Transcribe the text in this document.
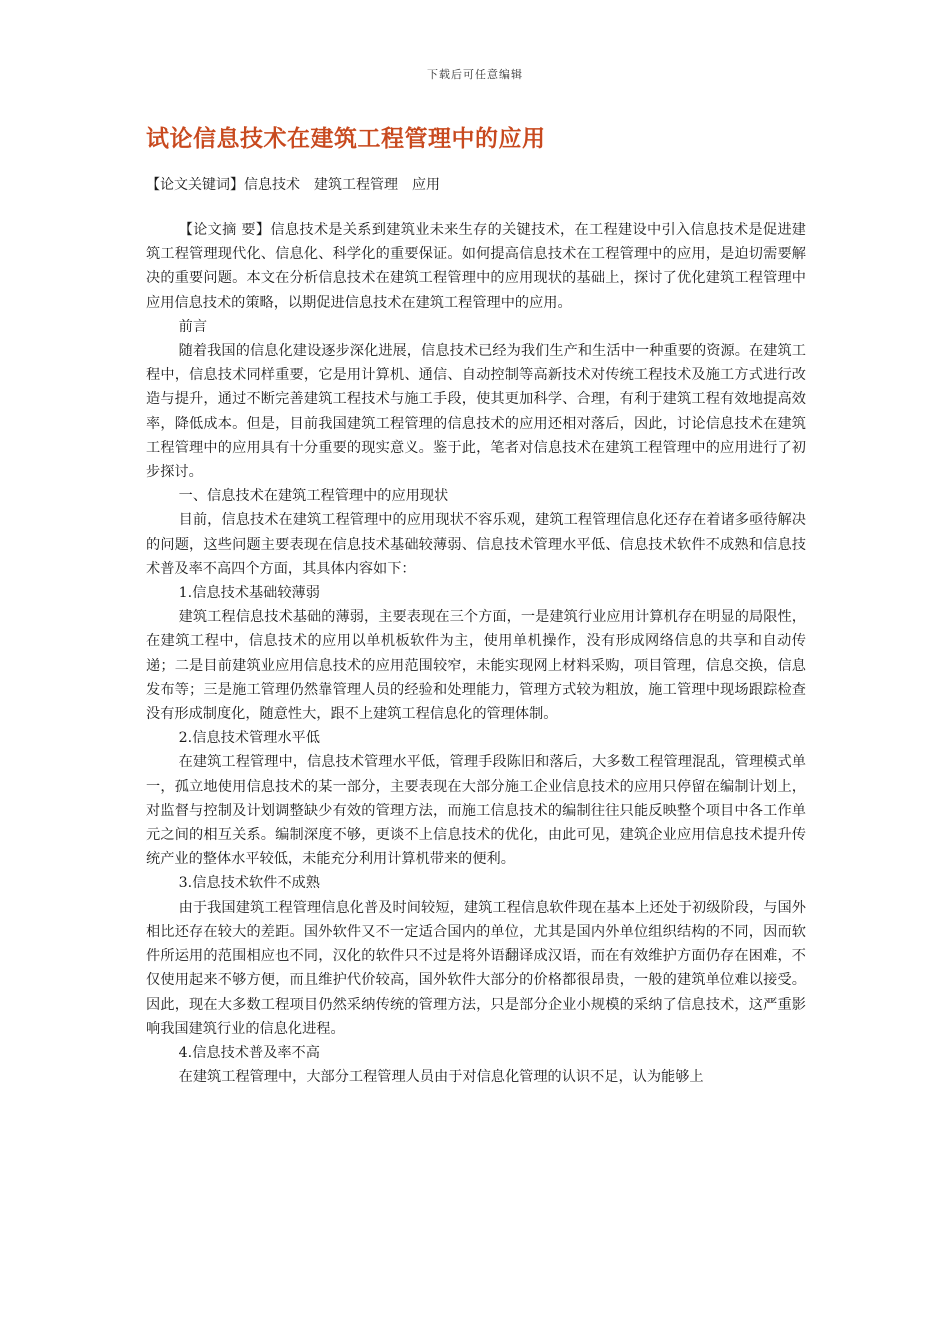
下载后可任意编辑
试论信息技术在建筑工程管理中的应用
【论文关键词】信息技术　建筑工程管理　应用

【论文摘 要】信息技术是关系到建筑业未来生存的关键技术，在工程建设中引入信息技术是促进建筑工程管理现代化、信息化、科学化的重要保证。如何提高信息技术在工程管理中的应用，是迫切需要解决的重要问题。本文在分析信息技术在建筑工程管理中的应用现状的基础上，探讨了优化建筑工程管理中应用信息技术的策略，以期促进信息技术在建筑工程管理中的应用。

前言

随着我国的信息化建设逐步深化进展，信息技术已经为我们生产和生活中一种重要的资源。在建筑工程中，信息技术同样重要，它是用计算机、通信、自动控制等高新技术对传统工程技术及施工方式进行改造与提升，通过不断完善建筑工程技术与施工手段，使其更加科学、合理，有利于建筑工程有效地提高效率，降低成本。但是，目前我国建筑工程管理的信息技术的应用还相对落后，因此，讨论信息技术在建筑工程管理中的应用具有十分重要的现实意义。鉴于此，笔者对信息技术在建筑工程管理中的应用进行了初步探讨。

一、信息技术在建筑工程管理中的应用现状

目前，信息技术在建筑工程管理中的应用现状不容乐观，建筑工程管理信息化还存在着诸多亟待解决的问题，这些问题主要表现在信息技术基础较薄弱、信息技术管理水平低、信息技术软件不成熟和信息技术普及率不高四个方面，其具体内容如下：

1.信息技术基础较薄弱

建筑工程信息技术基础的薄弱，主要表现在三个方面，一是建筑行业应用计算机存在明显的局限性，在建筑工程中，信息技术的应用以单机板软件为主，使用单机操作，没有形成网络信息的共享和自动传递；二是目前建筑业应用信息技术的应用范围较窄，未能实现网上材料采购，项目管理，信息交换，信息发布等；三是施工管理仍然靠管理人员的经验和处理能力，管理方式较为粗放，施工管理中现场跟踪检查没有形成制度化，随意性大，跟不上建筑工程信息化的管理体制。

2.信息技术管理水平低

在建筑工程管理中，信息技术管理水平低，管理手段陈旧和落后，大多数工程管理混乱，管理模式单一，孤立地使用信息技术的某一部分，主要表现在大部分施工企业信息技术的应用只停留在编制计划上，对监督与控制及计划调整缺少有效的管理方法，而施工信息技术的编制往往只能反映整个项目中各工作单元之间的相互关系。编制深度不够，更谈不上信息技术的优化，由此可见，建筑企业应用信息技术提升传统产业的整体水平较低，未能充分利用计算机带来的便利。

3.信息技术软件不成熟

由于我国建筑工程管理信息化普及时间较短，建筑工程信息软件现在基本上还处于初级阶段，与国外相比还存在较大的差距。国外软件又不一定适合国内的单位，尤其是国内外单位组织结构的不同，因而软件所运用的范围相应也不同，汉化的软件只不过是将外语翻译成汉语，而在有效维护方面仍存在困难，不仅使用起来不够方便，而且维护代价较高，国外软件大部分的价格都很昂贵，一般的建筑单位难以接受。因此，现在大多数工程项目仍然采纳传统的管理方法，只是部分企业小规模的采纳了信息技术，这严重影响我国建筑行业的信息化进程。

4.信息技术普及率不高

在建筑工程管理中，大部分工程管理人员由于对信息化管理的认识不足，认为能够上
